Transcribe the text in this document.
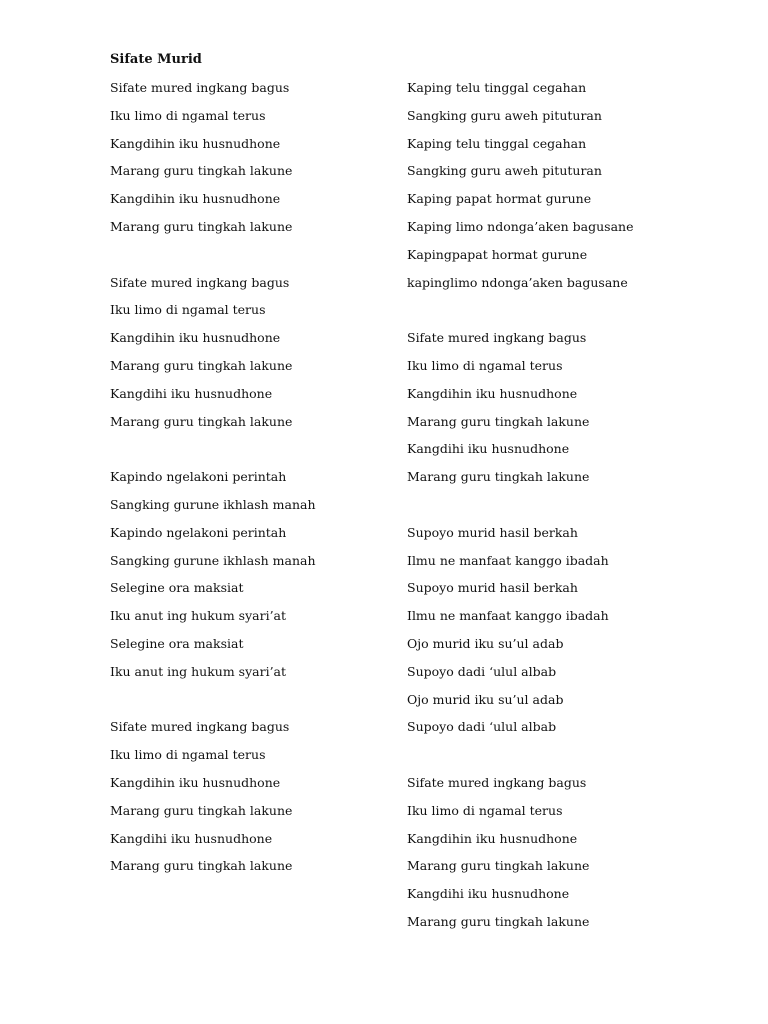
Sifate Murid
Sifate mured ingkang bagus
Iku limo di ngamal terus
Kangdihin iku husnudhone
Marang guru tingkah lakune
Kangdihin iku husnudhone
Marang guru tingkah lakune
Sifate mured ingkang bagus
Iku limo di ngamal terus
Kangdihin iku husnudhone
Marang guru tingkah lakune
Kangdihi iku husnudhone
Marang guru tingkah lakune
Kapindo ngelakoni perintah
Sangking gurune ikhlash manah
Kapindo ngelakoni perintah
Sangking gurune ikhlash manah
Selegine ora maksiat
Iku anut ing hukum syari’at
Selegine ora maksiat
Iku anut ing hukum syari’at
Sifate mured ingkang bagus
Iku limo di ngamal terus
Kangdihin iku husnudhone
Marang guru tingkah lakune
Kangdihi iku husnudhone
Marang guru tingkah lakune
Kaping telu tinggal cegahan
Sangking guru aweh pituturan
Kaping telu tinggal cegahan
Sangking guru aweh pituturan
Kaping papat hormat gurune
Kaping limo ndonga’aken bagusane
Kapingpapat hormat gurune
kapinglimo ndonga’aken bagusane
Sifate mured ingkang bagus
Iku limo di ngamal terus
Kangdihin iku husnudhone
Marang guru tingkah lakune
Kangdihi iku husnudhone
Marang guru tingkah lakune
Supoyo murid hasil berkah
Ilmu ne manfaat kanggo ibadah
Supoyo murid hasil berkah
Ilmu ne manfaat kanggo ibadah
Ojo murid iku su’ul adab
Supoyo dadi ‘ulul albab
Ojo murid iku su’ul adab
Supoyo dadi ‘ulul albab
Sifate mured ingkang bagus
Iku limo di ngamal terus
Kangdihin iku husnudhone
Marang guru tingkah lakune
Kangdihi iku husnudhone
Marang guru tingkah lakune
